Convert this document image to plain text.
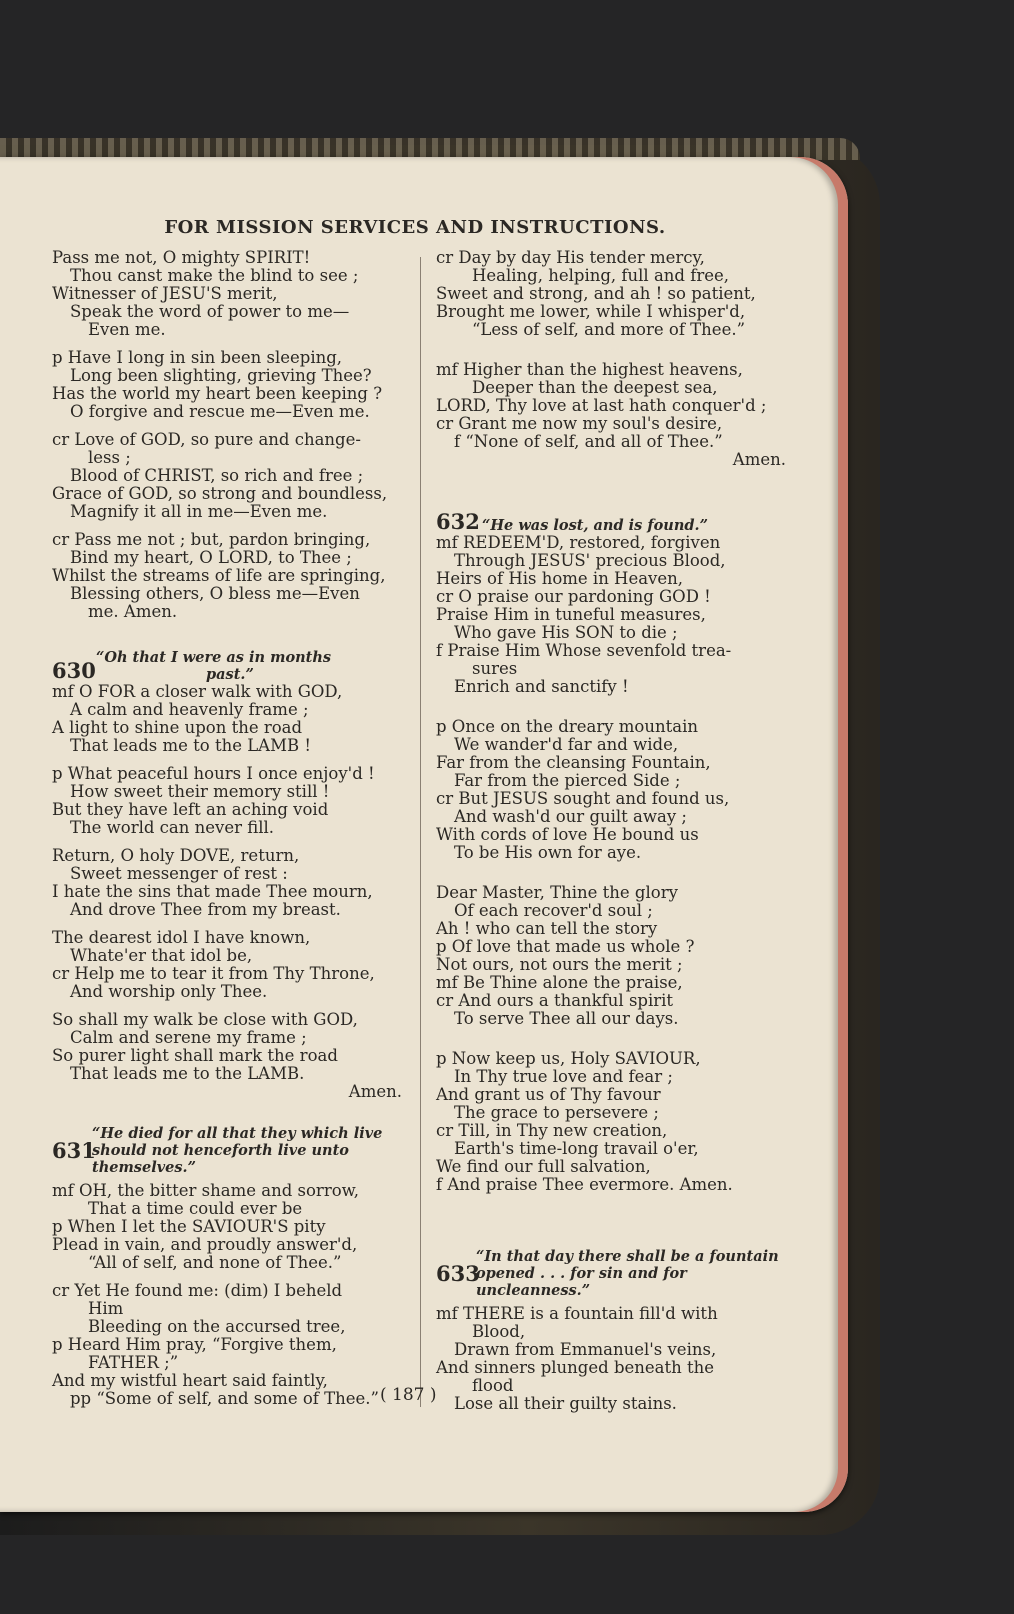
FOR MISSION SERVICES AND INSTRUCTIONS.
Pass me not, O mighty SPIRIT!
Thou canst make the blind to see ;
Witnesser of JESU'S merit,
Speak the word of power to me—
Even me.
p Have I long in sin been sleeping,
Long been slighting, grieving Thee?
Has the world my heart been keeping ?
O forgive and rescue me—Even me.
cr Love of GOD, so pure and change-
less ;
Blood of CHRIST, so rich and free ;
Grace of GOD, so strong and boundless,
Magnify it all in me—Even me.
cr Pass me not ; but, pardon bringing,
Bind my heart, O LORD, to Thee ;
Whilst the streams of life are springing,
Blessing others, O bless me—Even
me. Amen.
630
“Oh that I were as in months
past.”
mf O FOR a closer walk with GOD,
A calm and heavenly frame ;
A light to shine upon the road
That leads me to the LAMB !
p What peaceful hours I once enjoy'd !
How sweet their memory still !
But they have left an aching void
The world can never fill.
Return, O holy DOVE, return,
Sweet messenger of rest :
I hate the sins that made Thee mourn,
And drove Thee from my breast.
The dearest idol I have known,
Whate'er that idol be,
cr Help me to tear it from Thy Throne,
And worship only Thee.
So shall my walk be close with GOD,
Calm and serene my frame ;
So purer light shall mark the road
That leads me to the LAMB.
Amen.
631
“He died for all that they which live should not henceforth live unto themselves.”
mf OH, the bitter shame and sorrow,
That a time could ever be
p When I let the SAVIOUR'S pity
Plead in vain, and proudly answer'd,
“All of self, and none of Thee.”
cr Yet He found me: (dim) I beheld
Him
Bleeding on the accursed tree,
p Heard Him pray, “Forgive them,
FATHER ;”
And my wistful heart said faintly,
pp “Some of self, and some of Thee.”
cr Day by day His tender mercy,
Healing, helping, full and free,
Sweet and strong, and ah ! so patient,
Brought me lower, while I whisper'd,
“Less of self, and more of Thee.”
mf Higher than the highest heavens,
Deeper than the deepest sea,
LORD, Thy love at last hath conquer'd ;
cr Grant me now my soul's desire,
f “None of self, and all of Thee.”
Amen.
632 “He was lost, and is found.”
mf REDEEM'D, restored, forgiven
Through JESUS' precious Blood,
Heirs of His home in Heaven,
cr O praise our pardoning GOD !
Praise Him in tuneful measures,
Who gave His SON to die ;
f Praise Him Whose sevenfold trea-
sures
Enrich and sanctify !
p Once on the dreary mountain
We wander'd far and wide,
Far from the cleansing Fountain,
Far from the pierced Side ;
cr But JESUS sought and found us,
And wash'd our guilt away ;
With cords of love He bound us
To be His own for aye.
Dear Master, Thine the glory
Of each recover'd soul ;
Ah ! who can tell the story
p Of love that made us whole ?
Not ours, not ours the merit ;
mf Be Thine alone the praise,
cr And ours a thankful spirit
To serve Thee all our days.
p Now keep us, Holy SAVIOUR,
In Thy true love and fear ;
And grant us of Thy favour
The grace to persevere ;
cr Till, in Thy new creation,
Earth's time-long travail o'er,
We find our full salvation,
f And praise Thee evermore. Amen.
633
“In that day there shall be a fountain opened . . . for sin and for uncleanness.”
mf THERE is a fountain fill'd with
Blood,
Drawn from Emmanuel's veins,
And sinners plunged beneath the
flood
Lose all their guilty stains.
( 187 )
